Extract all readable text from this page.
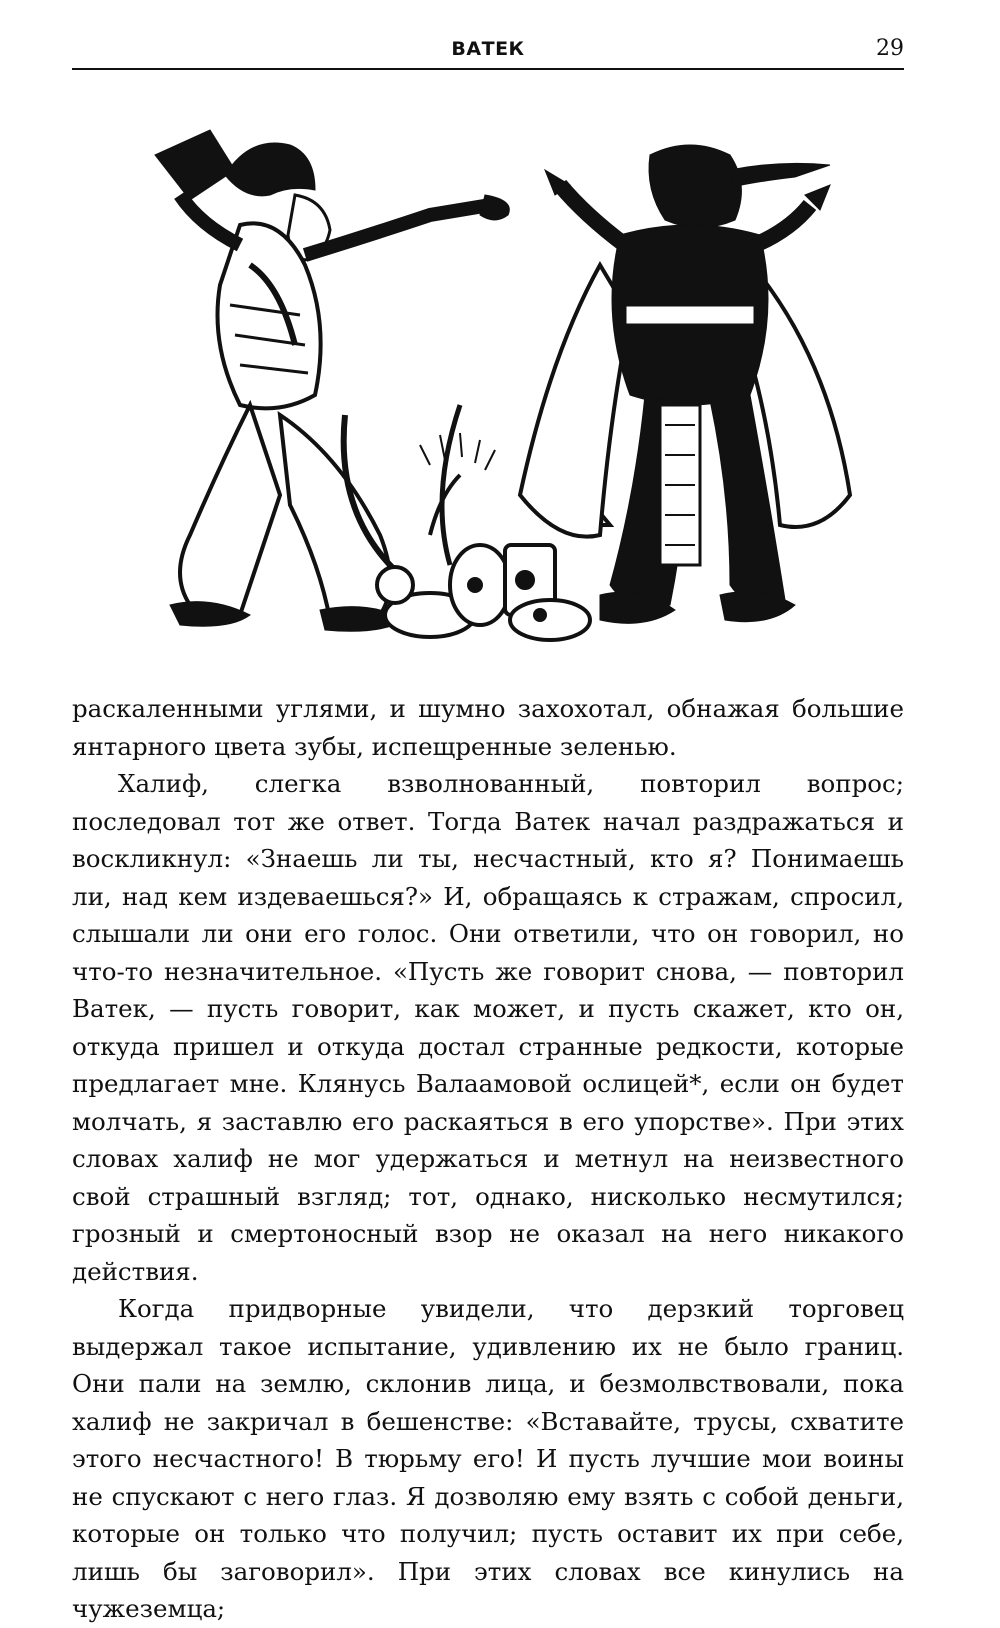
ВАТЕК	29

раскаленными углями, и шумно захохотал, обнажая большие янтарного цвета зубы, испещренные зеленью.

Халиф, слегка взволнованный, повторил вопрос; последовал тот же ответ. Тогда Ватек начал раздражаться и воскликнул: «Знаешь ли ты, несчастный, кто я? Понимаешь ли, над кем издеваешься?» И, обращаясь к стражам, спросил, слышали ли они его голос. Они ответили, что он говорил, но что-то незначительное. «Пусть же говорит снова, — повторил Ватек, — пусть говорит, как может, и пусть скажет, кто он, откуда пришел и откуда достал странные редкости, которые предлагает мне. Клянусь Валаамовой ослицей*, если он будет молчать, я заставлю его раскаяться в его упорстве». При этих словах халиф не мог удержаться и метнул на неизвестного свой страшный взгляд; тот, однако, нисколько несмутился; грозный и смертоносный взор не оказал на него никакого действия.

Когда придворные увидели, что дерзкий торговец выдержал такое испытание, удивлению их не было границ. Они пали на землю, склонив лица, и безмолвствовали, пока халиф не закричал в бешенстве: «Вставайте, трусы, схватите этого несчастного! В тюрьму его! И пусть лучшие мои воины не спускают с него глаз. Я дозволяю ему взять с собой деньги, которые он только что получил; пусть оставит их при себе, лишь бы заговорил». При этих словах все кинулись на чужеземца;
